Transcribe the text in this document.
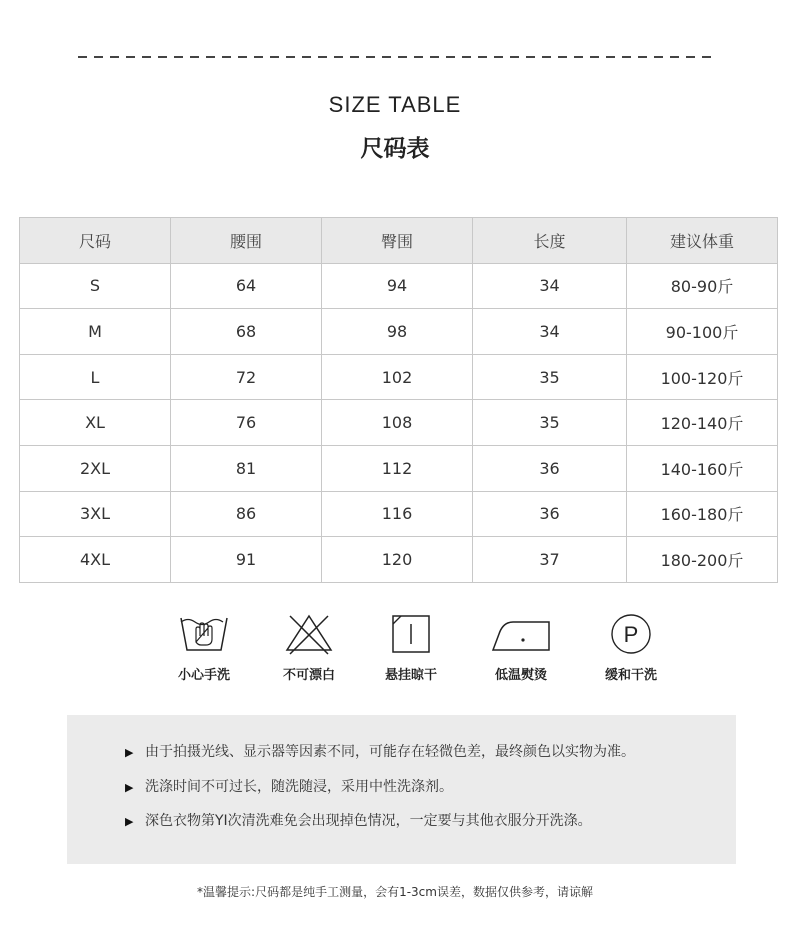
SIZE TABLE
尺码表
尺码	腰围	臀围	长度	建议体重
S	64	94	34	80-90斤
M	68	98	34	90-100斤
L	72	102	35	100-120斤
XL	76	108	35	120-140斤
2XL	81	112	36	140-160斤
3XL	86	116	36	160-180斤
4XL	91	120	37	180-200斤
小心手洗	不可漂白	悬挂晾干	低温熨烫
P
缓和干洗
▶ 由于拍摄光线、显示器等因素不同，可能存在轻微色差，最终颜色以实物为准。
▶ 洗涤时间不可过长，随洗随浸，采用中性洗涤剂。
▶ 深色衣物第YI次清洗难免会出现掉色情况，一定要与其他衣服分开洗涤。
*温馨提示:尺码都是纯手工测量，会有1-3cm误差，数据仅供参考，请谅解
